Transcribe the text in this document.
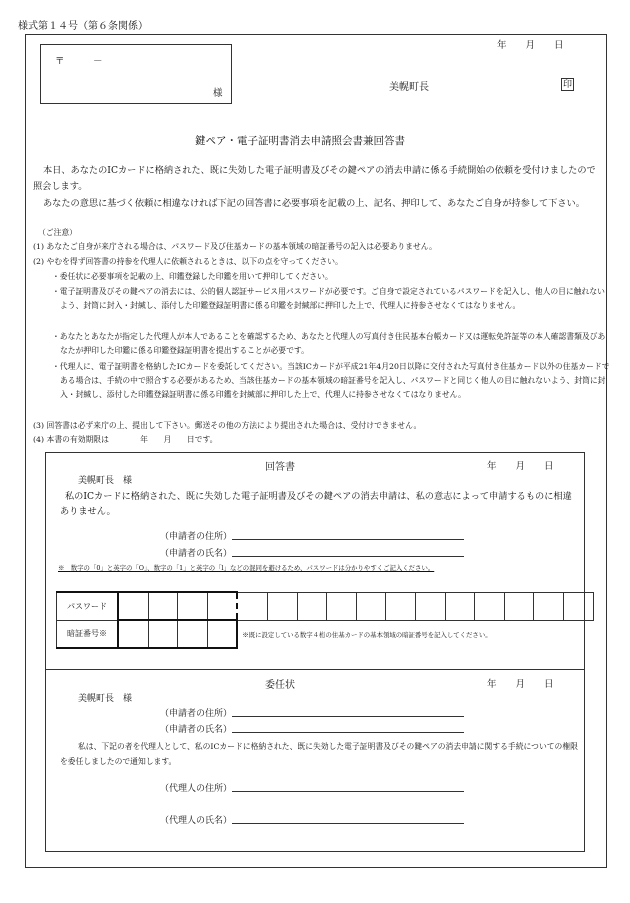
様式第１４号（第６条関係）
年　　月　　日
〒　　　－
様
美幌町長	印
鍵ペア・電子証明書消去申請照会書兼回答書
本日、あなたのICカードに格納された、既に失効した電子証明書及びその鍵ペアの消去申請に係る手続開始の依頼を受付けましたので照会します。
あなたの意思に基づく依頼に相違なければ下記の回答書に必要事項を記載の上、記名、押印して、あなたご自身が持参して下さい。
（ご注意）
(1) あなたご自身が来庁される場合は、パスワード及び住基カードの基本領域の暗証番号の記入は必要ありません。
(2) やむを得ず回答書の持参を代理人に依頼されるときは、以下の点を守ってください。
・委任状に必要事項を記載の上、印鑑登録した印鑑を用いて押印してください。
・電子証明書及びその鍵ペアの消去には、公的個人認証サービス用パスワードが必要です。ご自身で設定されているパスワードを記入し、他人の目に触れないよう、封筒に封入・封緘し、添付した印鑑登録証明書に係る印鑑を封緘部に押印した上で、代理人に持参させなくてはなりません。
・あなたとあなたが指定した代理人が本人であることを確認するため、あなたと代理人の写真付き住民基本台帳カード又は運転免許証等の本人確認書類及びあなたが押印した印鑑に係る印鑑登録証明書を提出することが必要です。
・代理人に、電子証明書を格納したICカードを委託してください。当該ICカードが平成21年4月20日以降に交付された写真付き住基カード以外の住基カードである場合は、手続の中で照合する必要があるため、当該住基カードの基本領域の暗証番号を記入し、パスワードと同じく他人の目に触れないよう、封筒に封入・封緘し、添付した印鑑登録証明書に係る印鑑を封緘部に押印した上で、代理人に持参させなくてはなりません。
(3) 回答書は必ず来庁の上、提出して下さい。郵送その他の方法により提出された場合は、受付けできません。
(4) 本書の有効期限は　　　　年　　月　　日です。
回答書	年　　月　　日
美幌町長　様
私のICカードに格納された、既に失効した電子証明書及びその鍵ペアの消去申請は、私の意志によって申請するものに相違ありません。
（申請者の住所）
（申請者の氏名）
※　数字の「0」と英字の「O」、数字の「1」と英字の「l」などの混同を避けるため、パスワードは分かりやすくご記入ください。
パスワード																
暗証番号※					※既に設定している数字４桁の住基カードの基本領域の暗証番号を記入してください。											
委任状	年　　月　　日
美幌町長　様
（申請者の住所）
（申請者の氏名）
私は、下記の者を代理人として、私のICカードに格納された、既に失効した電子証明書及びその鍵ペアの消去申請に関する手続についての権限を委任しましたので通知します。
（代理人の住所）
（代理人の氏名）
